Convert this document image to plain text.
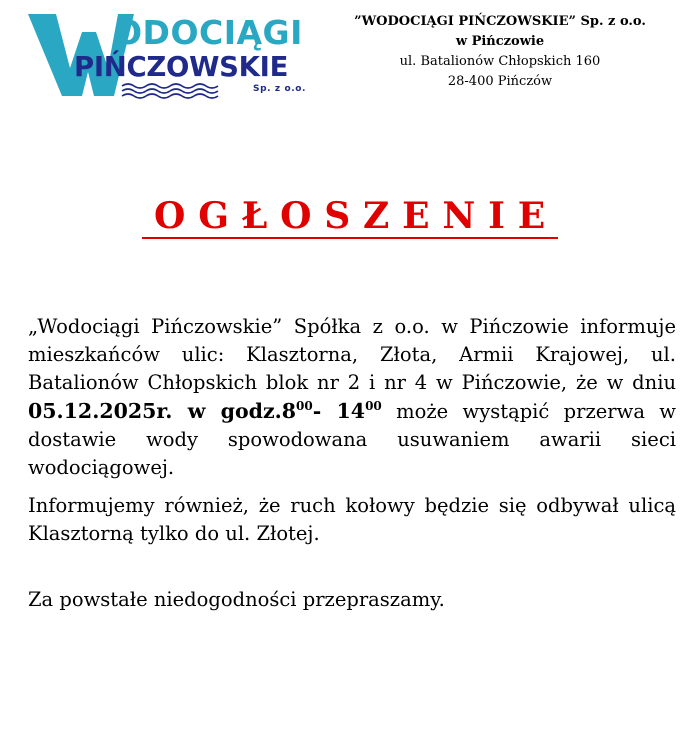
ODOCIĄGI
PIŃCZOWSKIE
Sp. z o.o.
”WODOCIĄGI PIŃCZOWSKIE” Sp. z o.o.
w Pińczowie
ul. Batalionów Chłopskich 160
28-400 Pińczów
OGŁOSZENIE

„Wodociągi Pińczowskie” Spółka z o.o. w Pińczowie informuje mieszkańców ulic: Klasztorna, Złota, Armii Krajowej, ul. Batalionów Chłopskich blok nr 2 i nr 4 w Pińczowie, że w dniu 05.12.2025r. w $godz.8^{00}-$ $14^{00}$ może wystąpić przerwa w dostawie wody spowodowana usuwaniem awarii sieci wodociągowej.

Informujemy również, że ruch kołowy będzie się odbywał ulicą Klasztorną tylko do ul. Złotej.

Za powstałe niedogodności przepraszamy.
